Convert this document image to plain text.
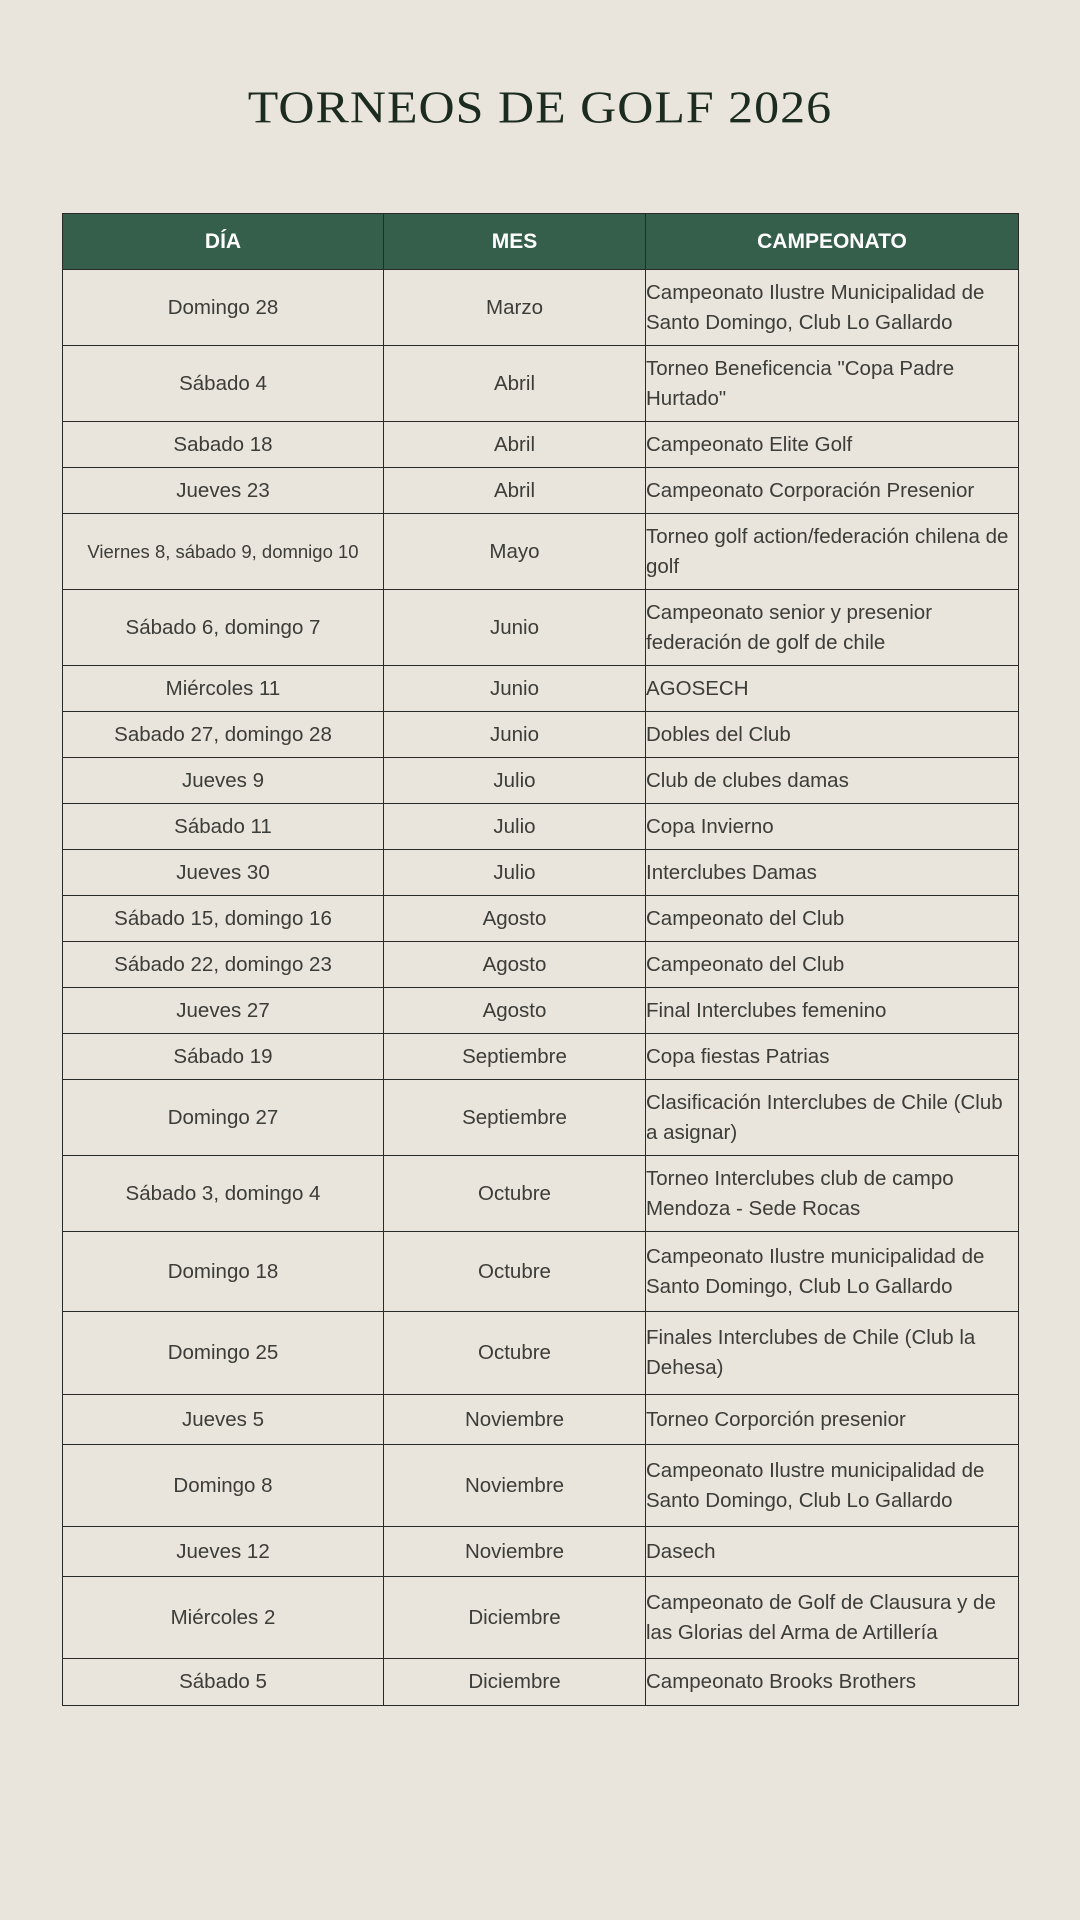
TORNEOS DE GOLF 2026
DÍA	MES	CAMPEONATO
Domingo 28	Marzo	Campeonato Ilustre Municipalidad de Santo Domingo, Club Lo Gallardo
Sábado 4	Abril	Torneo Beneficencia "Copa Padre Hurtado"
Sabado 18	Abril	Campeonato Elite Golf
Jueves 23	Abril	Campeonato Corporación Presenior
Viernes 8, sábado 9, domnigo 10	Mayo	Torneo golf action/federación chilena de golf
Sábado 6, domingo 7	Junio	Campeonato senior y presenior federación de golf de chile
Miércoles 11	Junio	AGOSECH
Sabado 27, domingo 28	Junio	Dobles del Club
Jueves 9	Julio	Club de clubes damas
Sábado 11	Julio	Copa Invierno
Jueves 30	Julio	Interclubes Damas
Sábado 15, domingo 16	Agosto	Campeonato del Club
Sábado 22, domingo 23	Agosto	Campeonato del Club
Jueves 27	Agosto	Final Interclubes femenino
Sábado 19	Septiembre	Copa fiestas Patrias
Domingo 27	Septiembre	Clasificación Interclubes de Chile (Club a asignar)
Sábado 3, domingo 4	Octubre	Torneo Interclubes club de campo Mendoza - Sede Rocas
Domingo 18	Octubre	Campeonato Ilustre municipalidad de Santo Domingo, Club Lo Gallardo
Domingo 25	Octubre	Finales Interclubes de Chile (Club la Dehesa)
Jueves 5	Noviembre	Torneo Corporción presenior
Domingo 8	Noviembre	Campeonato Ilustre municipalidad de Santo Domingo, Club Lo Gallardo
Jueves 12	Noviembre	Dasech
Miércoles 2	Diciembre	Campeonato de Golf de Clausura y de las Glorias del Arma de Artillería
Sábado 5	Diciembre	Campeonato Brooks Brothers
